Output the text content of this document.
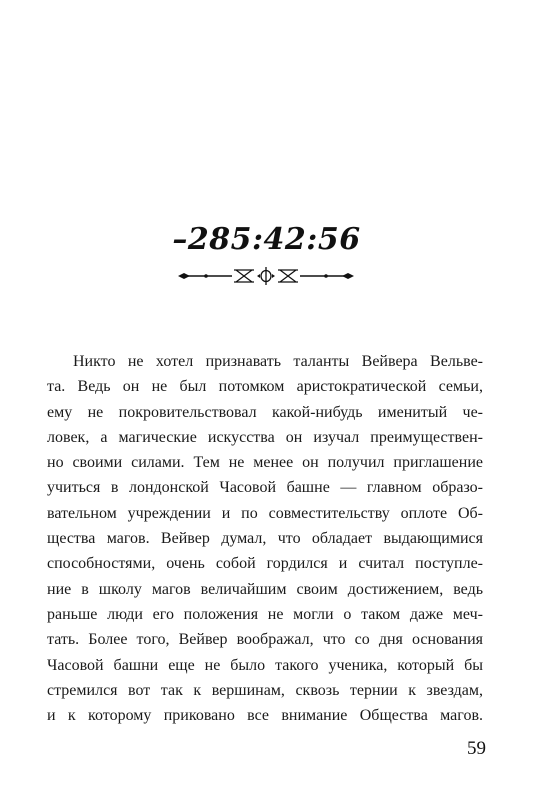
–285:42:56
Никто не хотел признавать таланты Вейвера Вельве-
та. Ведь он не был потомком аристократической семьи,
ему не покровительствовал какой-нибудь именитый че-
ловек, а магические искусства он изучал преимуществен-
но своими силами. Тем не менее он получил приглашение
учиться в лондонской Часовой башне — главном образо-
вательном учреждении и по совместительству оплоте Об-
щества магов. Вейвер думал, что обладает выдающимися
способностями, очень собой гордился и считал поступле-
ние в школу магов величайшим своим достижением, ведь
раньше люди его положения не могли о таком даже меч-
тать. Более того, Вейвер воображал, что со дня основания
Часовой башни еще не было такого ученика, который бы
стремился вот так к вершинам, сквозь тернии к звездам,
и к которому приковано все внимание Общества магов.
59
